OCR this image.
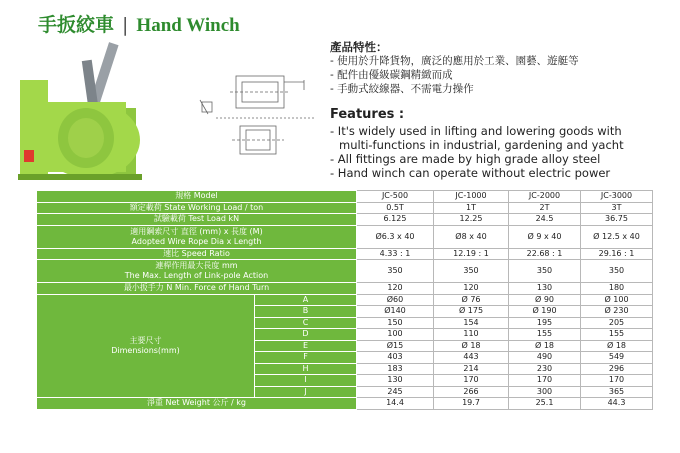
手扳絞車 | Hand Winch
產品特性：
- 使用於升降貨物，廣泛的應用於工業、園藝、遊艇等
- 配件由優級碳鋼精緻而成
- 手動式絞線器、不需電力操作
Features :
- It's widely used in lifting and lowering goods with
multi-functions in industrial, gardening and yacht
- All fittings are made by high grade alloy steel
- Hand winch can operate without electric power
規格 Model		JC-500	JC-1000	JC-2000	JC-3000
額定載荷 State Working Load / ton		0.5T	1T	2T	3T
試驗載荷 Test Load kN		6.125	12.25	24.5	36.75

適用鋼索尺寸 直徑 (mm) x 長度 (M)
Adopted Wire Rope Dia x Length		Ø6.3 x 40	Ø8 x 40	Ø 9 x 40	Ø 12.5 x 40
速比 Speed Ratio		4.33 : 1	12.19 : 1	22.68 : 1	29.16 : 1

連桿作用最大長度 mm
The Max. Length of Link-pole Action		350	350	350	350
最小扳手力 N Min. Force of Hand Turn		120	120	130	180

主要尺寸
Dimensions(mm)	A	Ø60	Ø 76	Ø 90	Ø 100
	B	Ø140	Ø 175	Ø 190	Ø 230
	C	150	154	195	205
	D	100	110	155	155
	E	Ø15	Ø 18	Ø 18	Ø 18
	F	403	443	490	549
	H	183	214	230	296
	I	130	170	170	170
	J	245	266	300	365
淨重 Net Weight 公斤 / kg		14.4	19.7	25.1	44.3
